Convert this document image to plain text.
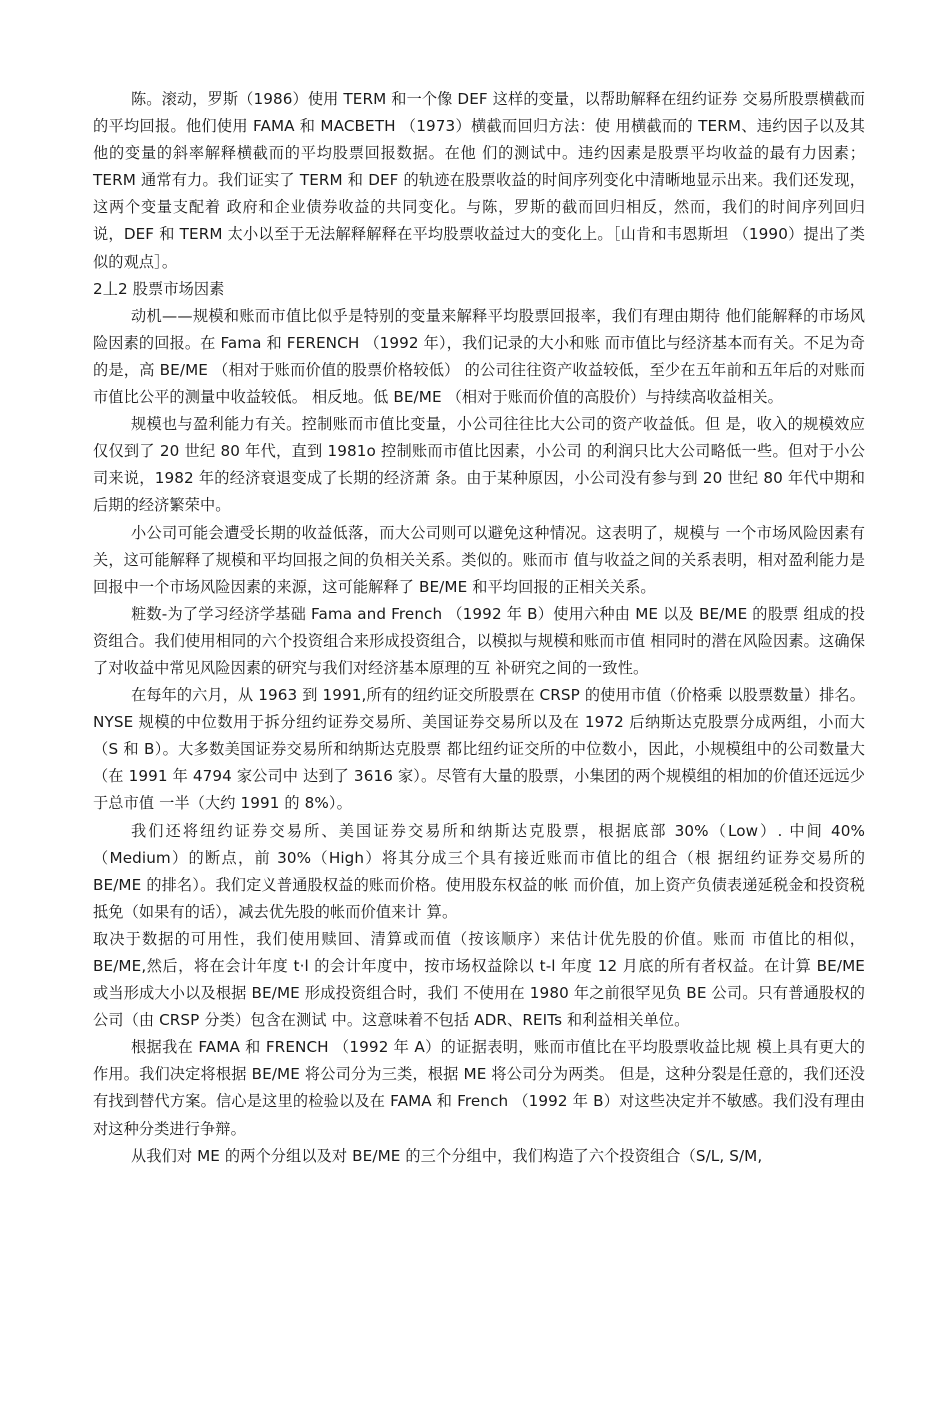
陈。滚动，罗斯（1986）使用 TERM 和一个像 DEF 这样的变量，以帮助解释在纽约证券 交易所股票横截而的平均回报。他们使用 FAMA 和 MACBETH （1973）横截而回归方法：使 用横截而的 TERM、违约因子以及其他的变量的斜率解释横截而的平均股票回报数据。在他 们的测试中。违约因素是股票平均收益的最有力因素；TERM 通常有力。我们证实了 TERM 和 DEF 的轨迹在股票收益的时间序列变化中清晰地显示出来。我们还发现，这两个变量支配着 政府和企业债券收益的共同变化。与陈，罗斯的截而回归相反，然而，我们的时间序列回归 说，DEF 和 TERM 太小以至于无法解释解释在平均股票收益过大的变化上。［山肯和韦恩斯坦 （1990）提出了类似的观点］。

2丄2 股票市场因素

动机——规模和账而市值比似乎是特别的变量来解释平均股票回报率，我们有理由期待 他们能解释的市场风险因素的回报。在 Fama 和 FERENCH （1992 年），我们记录的大小和账 而市值比与经济基本而有关。不足为奇的是，高 BE/ME （相对于账而价值的股票价格较低） 的公司往往资产收益较低，至少在五年前和五年后的对账而市值比公平的测量中收益较低。 相反地。低 BE/ME （相对于账而价值的高股价）与持续高收益相关。

规模也与盈利能力有关。控制账而市值比变量，小公司往往比大公司的资产收益低。但 是，收入的规模效应仅仅到了 20 世纪 80 年代，直到 1981o 控制账而市值比因素，小公司 的利润只比大公司略低一些。但对于小公司来说，1982 年的经济衰退变成了长期的经济萧 条。由于某种原因，小公司没有参与到 20 世纪 80 年代中期和后期的经济繁荣中。

小公司可能会遭受长期的收益低落，而大公司则可以避免这种情况。这表明了，规模与 一个市场风险因素有关，这可能解释了规模和平均回报之间的负相关关系。类似的。账而市 值与收益之间的关系表明，相对盈利能力是回报中一个市场风险因素的来源，这可能解释了 BE/ME 和平均回报的正相关关系。

粧数-为了学习经济学基础 Fama and French （1992 年 B）使用六种由 ME 以及 BE/ME 的股票 组成的投资组合。我们使用相同的六个投资组合来形成投资组合，以模拟与规模和账而市值 相同时的潜在风险因素。这确保了对收益中常见风险因素的研究与我们对经济基本原理的互 补研究之间的一致性。

在每年的六月，从 1963 到 1991,所有的纽约证交所股票在 CRSP 的使用市值（价格乘 以股票数量）排名。NYSE 规模的中位数用于拆分纽约证券交易所、美国证券交易所以及在 1972 后纳斯达克股票分成两组，小而大（S 和 B）。大多数美国证券交易所和纳斯达克股票 都比纽约证交所的中位数小，因此，小规模组中的公司数量大（在 1991 年 4794 家公司中 达到了 3616 家）。尽管有大量的股票，小集团的两个规模组的相加的价值还远远少于总市值 一半（大约 1991 的 8%）。

我们还将纽约证券交易所、美国证券交易所和纳斯达克股票，根据底部 30%（Low）. 中间 40%（Medium）的断点，前 30%（High）将其分成三个具有接近账而市值比的组合（根 据纽约证券交易所的 BE/ME 的排名）。我们定义普通股权益的账而价格。使用股东权益的帐 而价值，加上资产负债表递延税金和投资税抵免（如果有的话），减去优先股的帐而价值来计 算。

取决于数据的可用性，我们使用赎回、清算或而值（按该顺序）来估计优先股的价值。账而 市值比的相似，BE/ME,然后，将在会计年度 t·l 的会计年度中，按市场权益除以 t-l 年度 12 月底的所有者权益。在计算 BE/ME 或当形成大小以及根据 BE/ME 形成投资组合时，我们 不使用在 1980 年之前很罕见负 BE 公司。只有普通股权的公司（由 CRSP 分类）包含在测试 中。这意味着不包括 ADR、REITs 和利益相关单位。

根据我在 FAMA 和 FRENCH （1992 年 A）的证据表明，账而市值比在平均股票收益比规 模上具有更大的作用。我们决定将根据 BE/ME 将公司分为三类，根据 ME 将公司分为两类。 但是，这种分裂是任意的，我们还没有找到替代方案。信心是这里的检验以及在 FAMA 和 French （1992 年 B）对这些决定并不敏感。我们没有理由对这种分类进行争辩。

从我们对 ME 的两个分组以及对 BE/ME 的三个分组中，我们构造了六个投资组合（S/L, S/M,
